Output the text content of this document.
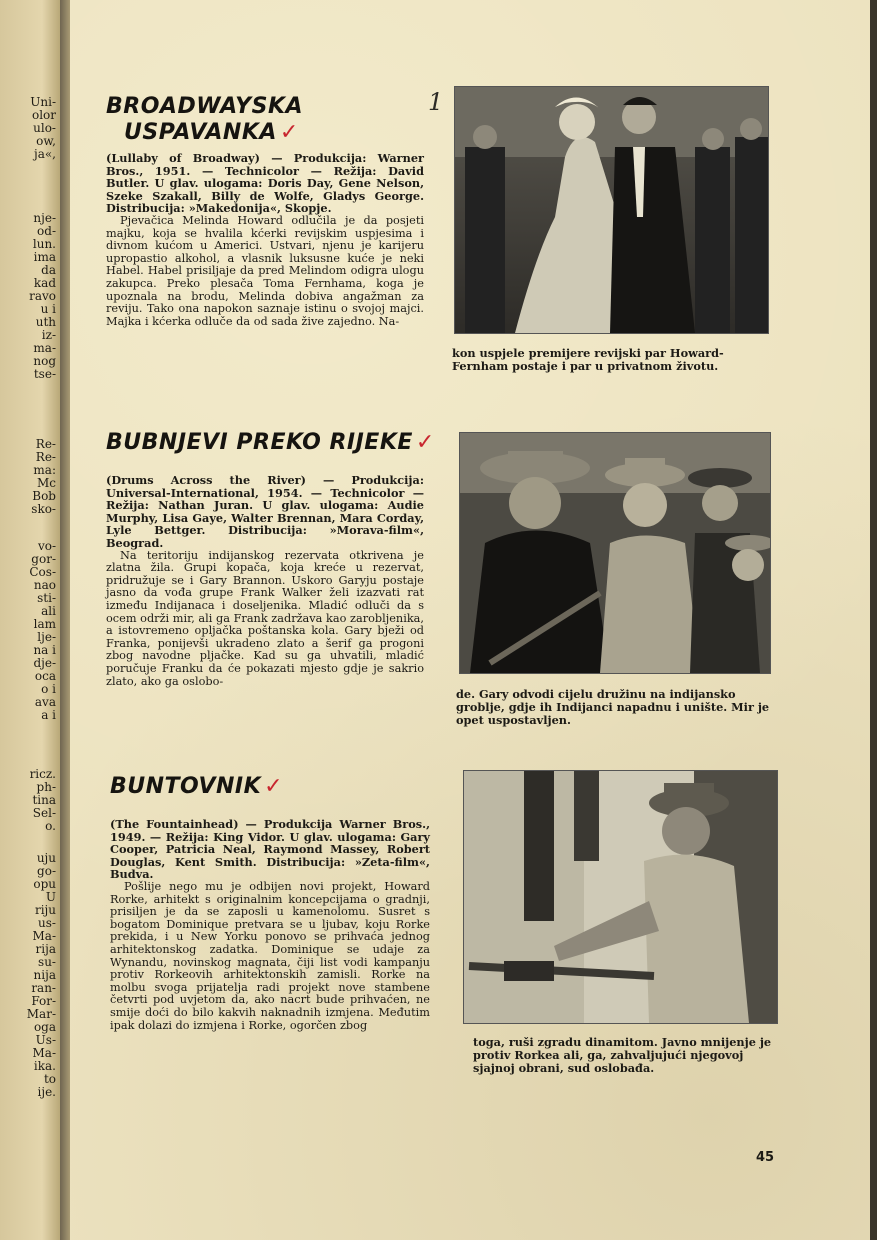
Uni-
olor
ulo-
ow,
ja«,
nje-
od-
lun.
ima
da
kad
ravo
u i
uth
iz-
ma-
nog
tse-
Re-
Re-
ma:
Mc
Bob
sko-
vo-
gor-
Cos-
nao
sti-
ali
lam
lje-
na i
dje-
oca
o i
ava
a i
ricz.
ph-
tina
Sel-
o.
uju
go-
opu
U
riju
us-
Ma-
rija
su-
nija
ran-
For-
Mar-
oga
Us-
Ma-
ika.
to
ije.
BROADWAYSKA
USPAVANKA ✓
1

(Lullaby of Broadway) — Produkcija: Warner Bros., 1951. — Technicolor — Režija: David Butler. U glav. ulogama: Doris Day, Gene Nelson, Szeke Szakall, Billy de Wolfe, Gladys George. Distribucija: »Makedonija«, Skopje.

Pjevačica Melinda Howard odlučila je da posjeti majku, koja se hvalila kćerki revijskim uspjesima i divnom kućom u Americi. Ustvari, njenu je karijeru upropastio alkohol, a vlasnik luksusne kuće je neki Habel. Habel prisiljaje da pred Melindom odigra ulogu zakupca. Preko plesača Toma Fernhama, koga je upoznala na brodu, Melinda dobiva angažman za reviju. Tako ona napokon saznaje istinu o svojoj majci. Majka i kćerka odluče da od sada žive zajedno. Na-

kon uspjele premijere revijski par Howard-Fernham postaje i par u privatnom životu.

BUBNJEVI PREKO RIJEKE ✓

(Drums Across the River) — Produkcija: Universal-International, 1954. — Technicolor — Režija: Nathan Juran. U glav. ulogama: Audie Murphy, Lisa Gaye, Walter Brennan, Mara Corday, Lyle Bettger. Distribucija: »Morava-film«, Beograd.

Na teritoriju indijanskog rezervata otkrivena je zlatna žila. Grupi kopača, koja kreće u rezervat, pridružuje se i Gary Brannon. Uskoro Garyju postaje jasno da vođa grupe Frank Walker želi izazvati rat između Indijanaca i doseljenika. Mladić odluči da s ocem održi mir, ali ga Frank zadržava kao zarobljenika, a istovremeno opljačka poštanska kola. Gary bježi od Franka, ponijevši ukradeno zlato a šerif ga progoni zbog navodne pljačke. Kad su ga uhvatili, mladić poručuje Franku da će pokazati mjesto gdje je sakrio zlato, ako ga oslobo-

de. Gary odvodi cijelu družinu na indijansko groblje, gdje ih Indijanci napadnu i uništе. Mir je opet uspostavljen.

BUNTOVNIK ✓

(The Fountainhead) — Produkcija Warner Bros., 1949. — Režija: King Vidor. U glav. ulogama: Gary Cooper, Patricia Neal, Raymond Massey, Robert Douglas, Kent Smith. Distribucija: »Zeta-film«, Budva.

Pošlije nego mu je odbijen novi projekt, Howard Rorke, arhitekt s originalnim koncepcijama o gradnji, prisiljen je da se zaposli u kamenolomu. Susret s bogatom Dominique pretvara se u ljubav, koju Rorke prekida, i u New Yorku ponovo se prihvaća jednog arhitektonskog zadatka. Dominique se udaje za Wynandu, novinskog magnata, čiji list vodi kampanju protiv Rorkeovih arhitektonskih zamisli. Rorke na molbu svoga prijatelja radi projekt nove stambene četvrti pod uvjetom da, ako nacrt bude prihvaćen, ne smije doći do bilo kakvih naknadnih izmjena. Međutim ipak dolazi do izmjena i Rorke, ogorčen zbog

toga, ruši zgradu dinamitom. Javno mnijenje je protiv Rorkea ali, ga, zahvaljujući njegovoj sjajnoj obrani, sud oslobađa.

45
